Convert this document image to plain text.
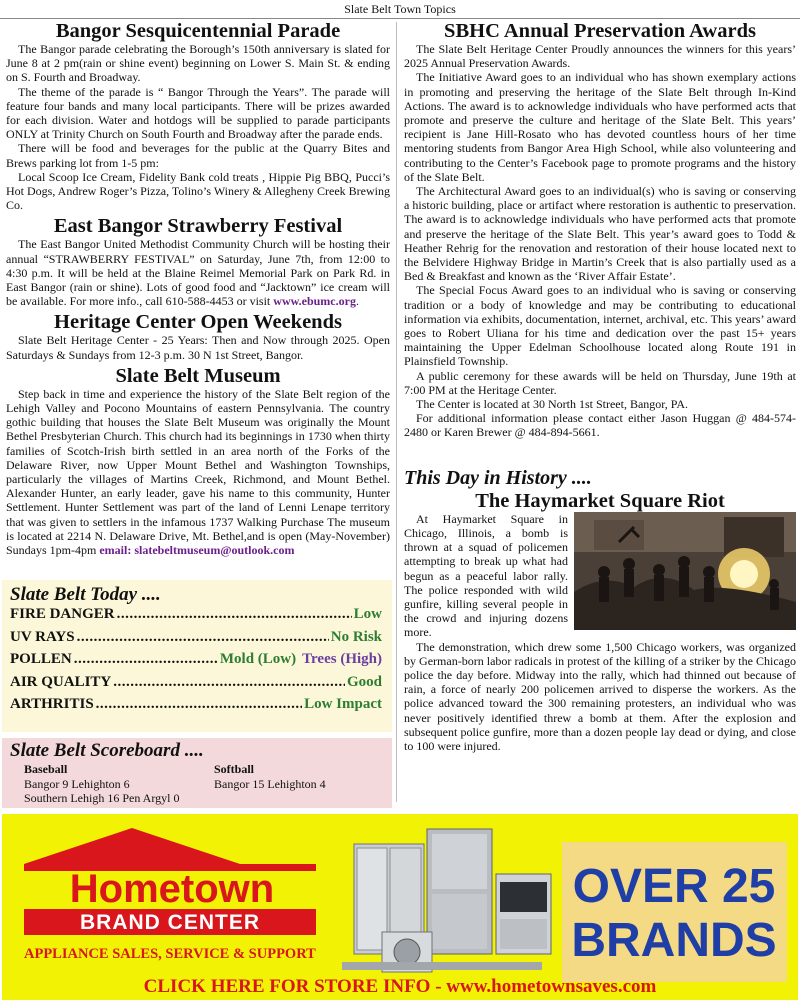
Slate Belt Town Topics
Bangor Sesquicentennial Parade

The Bangor parade celebrating the Borough’s 150th anniversary is slated for June 8 at 2 pm(rain or shine event) beginning on Lower S. Main St. & ending on S. Fourth and Broadway.

The theme of the parade is “ Bangor Through the Years”. The parade will feature four bands and many local participants. There will be prizes awarded for each division. Water and hotdogs will be supplied to parade participants ONLY at Trinity Church on South Fourth and Broadway after the parade ends.

There will be food and beverages for the public at the Quarry Bites and Brews parking lot from 1-5 pm:

Local Scoop Ice Cream, Fidelity Bank cold treats , Hippie Pig BBQ, Pucci’s Hot Dogs, Andrew Roger’s Pizza, Tolino’s Winery & Allegheny Creek Brewing Co.

East Bangor Strawberry Festival

The East Bangor United Methodist Community Church will be hosting their annual “STRAWBERRY FESTIVAL” on Saturday, June 7th, from 12:00 to 4:30 p.m. It will be held at the Blaine Reimel Memorial Park on Park Rd. in East Bangor (rain or shine). Lots of good food and “Jacktown” ice cream will be available. For more info., call 610-588-4453 or visit www.ebumc.org.

Heritage Center Open Weekends

Slate Belt Heritage Center - 25 Years: Then and Now through 2025. Open Saturdays & Sundays from 12-3 p.m. 30 N 1st Street, Bangor.

Slate Belt Museum

Step back in time and experience the history of the Slate Belt region of the Lehigh Valley and Pocono Mountains of eastern Pennsylvania. The country gothic building that houses the Slate Belt Museum was originally the Mount Bethel Presbyterian Church. This church had its beginnings in 1730 when thirty families of Scotch-Irish birth settled in an area north of the Forks of the Delaware River, now Upper Mount Bethel and Washington Townships, particularly the villages of Martins Creek, Richmond, and Mount Bethel. Alexander Hunter, an early leader, gave his name to this community, Hunter Settlement. Hunter Settlement was part of the land of Lenni Lenape territory that was given to settlers in the infamous 1737 Walking Purchase The museum is located at 2214 N. Delaware Drive, Mt. Bethel,and is open (May-November) Sundays 1pm-4pm email: slatebeltmuseum@outlook.com

Slate Belt Today ....
FIRE DANGER .....	Low
UV RAYS .....	No Risk
POLLEN .....	Mold (Low) Trees (High)
AIR QUALITY .....	Good
ARTHRITIS .....	Low Impact
Slate Belt Scoreboard ....
Baseball
Bangor 9 Lehighton 6
Southern Lehigh 16 Pen Argyl 0
Softball
Bangor 15 Lehighton 4
SBHC Annual Preservation Awards

The Slate Belt Heritage Center Proudly announces the winners for this years’ 2025 Annual Preservation Awards.

The Initiative Award goes to an individual who has shown exemplary actions in promoting and preserving the heritage of the Slate Belt through In-Kind Actions. The award is to acknowledge individuals who have performed acts that promote and preserve the culture and heritage of the Slate Belt. This years’ recipient is Jane Hill-Rosato who has devoted countless hours of her time mentoring students from Bangor Area High School, while also volunteering and contributing to the Center’s Facebook page to promote programs and the history of the Slate Belt.

The Architectural Award goes to an individual(s) who is saving or conserving a historic building, place or artifact where restoration is authentic to preservation. The award is to acknowledge individuals who have performed acts that promote and preserve the heritage of the Slate Belt. This year’s award goes to Todd & Heather Rehrig for the renovation and restoration of their house located next to the Belvidere Highway Bridge in Martin’s Creek that is also partially used as a Bed & Breakfast and known as the ‘River Affair Estate’.

The Special Focus Award goes to an individual who is saving or conserving tradition or a body of knowledge and may be contributing to educational information via exhibits, documentation, internet, archival, etc. This years’ award goes to Robert Uliana for his time and dedication over the past 15+ years maintaining the Upper Edelman Schoolhouse located along Route 191 in Plainsfield Township.

A public ceremony for these awards will be held on Thursday, June 19th at 7:00 PM at the Heritage Center.

The Center is located at 30 North 1st Street, Bangor, PA.

For additional information please contact either Jason Huggan @ 484-574-2480 or Karen Brewer @ 484-894-5661.

This Day in History ....
The Haymarket Square Riot

At Haymarket Square in Chicago, Illinois, a bomb is thrown at a squad of policemen attempting to break up what had begun as a peaceful labor rally. The police responded with wild gunfire, killing several people in the crowd and injuring dozens more.

The demonstration, which drew some 1,500 Chicago workers, was organized by German-born labor radicals in protest of the killing of a striker by the Chicago police the day before. Midway into the rally, which had thinned out because of rain, a force of nearly 200 policemen arrived to disperse the workers. As the police advanced toward the 300 remaining protesters, an individual who was never positively identified threw a bomb at them. After the explosion and subsequent police gunfire, more than a dozen people lay dead or dying, and close to 100 were injured.

OVER 25
BRANDS
Hometown
BRAND CENTER
APPLIANCE SALES, SERVICE & SUPPORT
CLICK HERE FOR STORE INFO - www.hometownsaves.com
